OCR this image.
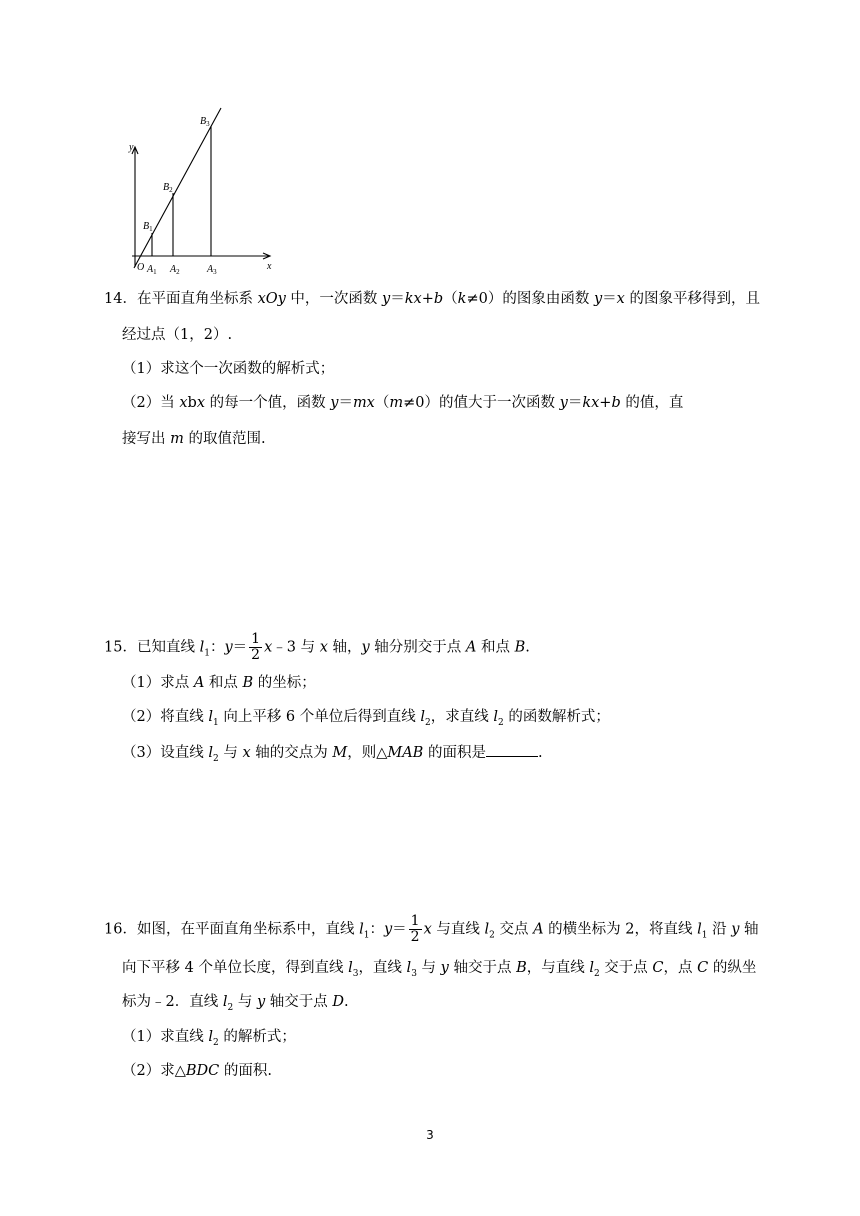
y
x
O $A_1$ $A_2$	$A_3$
$B_1$
$B_2$
$B_3$
14．在平面直角坐标系 xOy 中，一次函数 y＝kx+b（k≠0）的图象由函数 y＝x 的图象平移得到，且
经过点（1，2）.
（1）求这个一次函数的解析式；
（2）当 xbx 的每一个值，函数 y＝mx（m≠0）的值大于一次函数 y＝kx+b 的值，直
接写出 m 的取值范围.
15．已知直线 $l_1$：$y= \frac{1}{2}$ x﹣3 与 x 轴，y 轴分别交于点 A 和点 B.
（1）求点 A 和点 B 的坐标；
（2）将直线 $l_1$ 向上平移 6 个单位后得到直线 $l_2$，求直线 $l_2$ 的函数解析式；
（3）设直线 $l_2$ 与 x 轴的交点为 M，则△MAB 的面积是	.
16．如图，在平面直角坐标系中，直线 $l_1$：$y= \frac{1}{2}$ x 与直线 $l_2$ 交点 A 的横坐标为 2，将直线 $l_1$ 沿 y 轴
向下平移 4 个单位长度，得到直线 $l_3$，直线 $l_3$ 与 y 轴交于点 B，与直线 $l_2$ 交于点 C，点 C 的纵坐
标为﹣2．直线 $l_2$ 与 y 轴交于点 D.
（1）求直线 $l_2$ 的解析式；
（2）求△BDC 的面积.
3
